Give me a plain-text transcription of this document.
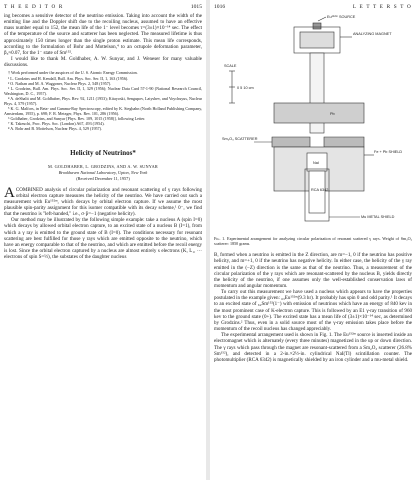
T H E E D I T O R	1015

ing becomes a sensitive detector of the neutrino emission. Taking into account the width of the emitting line and the Doppler shift due to the recoiling nucleus, assumed to have an effective mass number equal to 152, the mean life of the 1⁻ level becomes τ=(3±1)×10⁻¹⁴ sec. The effect of the temperature of the source and scatterer has been neglected. The measured lifetime is thus approximately 150 times longer than the single proton estimate. This mean life corresponds, according to the formulation of Bohr and Mottelson,⁴ to an octupole deformation parameter, β₃≈0.07, for the 1⁻ state of Sm¹⁵².

I would like to thank M. Goldhaber, A. W. Sunyar, and J. Weneser for many valuable discussions.

† Work performed under the auspices of the U. S. Atomic Energy Commission.
¹ L. Grodzins and H. Kendall, Bull. Am. Phys. Soc. Ser. II, 1, 163 (1956).
² O. Nathan and M. A. Waggoner, Nuclear Phys. 2, 548 (1957).
³ L. Grodzins, Bull. Am. Phys. Soc. Ser. II, 1, 329 (1956); Nuclear Data Card 57-1-90 (National Research Council, Washington, D. C., 1957).
⁴ A. deShalit and M. Goldhaber, Phys. Rev. 92, 1211 (1953); Kitayoski, Sengupov, Latyshev, and Voychuyus, Nuclear Phys. 4, 579 (1957).
⁵ K. G. Malfors, in Beta- and Gamma-Ray Spectroscopy, edited by K. Siegbahn (North Holland Publishing Company, Amsterdam, 1955), p. 698; F. R. Metzger, Phys. Rev. 101, 286 (1956).
⁶ Goldhaber, Grodzins, and Sunyar [Phys. Rev. 109, 1015 (1958)], following Letter.
⁷ K. Takeuchi, Proc. Phys. Soc. (London) A67, 493 (1954).
⁸ A. Bohr and B. Mottelson, Nuclear Phys. 4, 529 (1957).
Helicity of Neutrinos*
M. GOLDHABER, L. GRODZINS, AND A. W. SUNYAR
Brookhaven National Laboratory, Upton, New York
(Received December 11, 1957)

ACOMBINED analysis of circular polarization and resonant scattering of γ rays following orbital electron capture measures the helicity of the neutrino. We have carried out such a measurement with Eu¹⁵²ᵐ, which decays by orbital electron capture. If we assume the most plausible spin-parity assignment for this isomer compatible with its decay scheme,¹ 0⁻, we find that the neutrino is "left-handed," i.e., σ·p̂=−1 (negative helicity).

Our method may be illustrated by the following simple example: take a nucleus A (spin I=0) which decays by allowed orbital electron capture, to an excited state of a nucleus B (I=1), from which a γ ray is emitted to the ground state of B (I=0). The conditions necessary for resonant scattering are best fulfilled for those γ rays which are emitted opposite to the neutrino, which have an energy comparable to that of the neutrino, and which are emitted before the recoil energy is lost. Since the orbital electron captured by a nucleus are almost entirely s electrons (K, L₁, ··· electrons of spin S=½), the substates of the daughter nucleus

1016	L E T T E R S T O
Eu¹⁵²ᵐ SOURCE
ANALYZING MAGNET
SCALE
0 5 10 cm
Pb
Sm₂O₃ SCATTERER
Fe + Pb SHIELD
NaI
RCA 6342
Mu METAL SHIELD
Fig. 1. Experimental arrangement for analyzing circular polarization of resonant scattered γ rays. Weight of Sm₂O₃ scatterer: 1850 grams.

B, formed when a neutrino is emitted in the Z direction, are m=−1, 0 if the neutrino has positive helicity, and m=+1, 0 if the neutrino has negative helicity. In either case, the helicity of the γ ray emitted in the (−Z) direction is the same as that of the neutrino. Thus, a measurement of the circular polarization of the γ rays which are resonant-scattered by the nucleus B, yields directly the helicity of the neutrino, if one assumes only the well-established conservation laws of momentum and angular momentum.

To carry out this measurement we have used a nucleus which appears to have the properties postulated in the example given: ₆₃Eu¹⁵²ᵐ(9.3 hr). It probably has spin 0 and odd parity.¹ It decays to an excited state of ₆₂Sm¹⁵²(1⁻) with emission of neutrinos which have an energy of 840 kev in the most prominent case of K-electron capture. This is followed by an E1 γ-ray transition of 960 kev to the ground state (0+). The excited state has a mean life of (3±1)×10⁻¹⁴ sec, as determined by Grodzins.² Thus, even in a solid source most of the γ-ray emission takes place before the momentum of the recoil nucleus has changed appreciably.

The experimental arrangement used is shown in Fig. 1. The Eu¹⁵²ᵐ source is inserted inside an electromagnet which is alternately (every three minutes) magnetized in the up or down direction. The γ rays which pass through the magnet are resonant-scattered from a Sm₂O₃ scatterer (26.8% Sm¹⁵²), and detected in a 2-in.×2½-in. cylindrical NaI(Tl) scintillation counter. The photomultiplier (RCA 6342) is magnetically shielded by an iron cylinder and a mu-metal shield.
